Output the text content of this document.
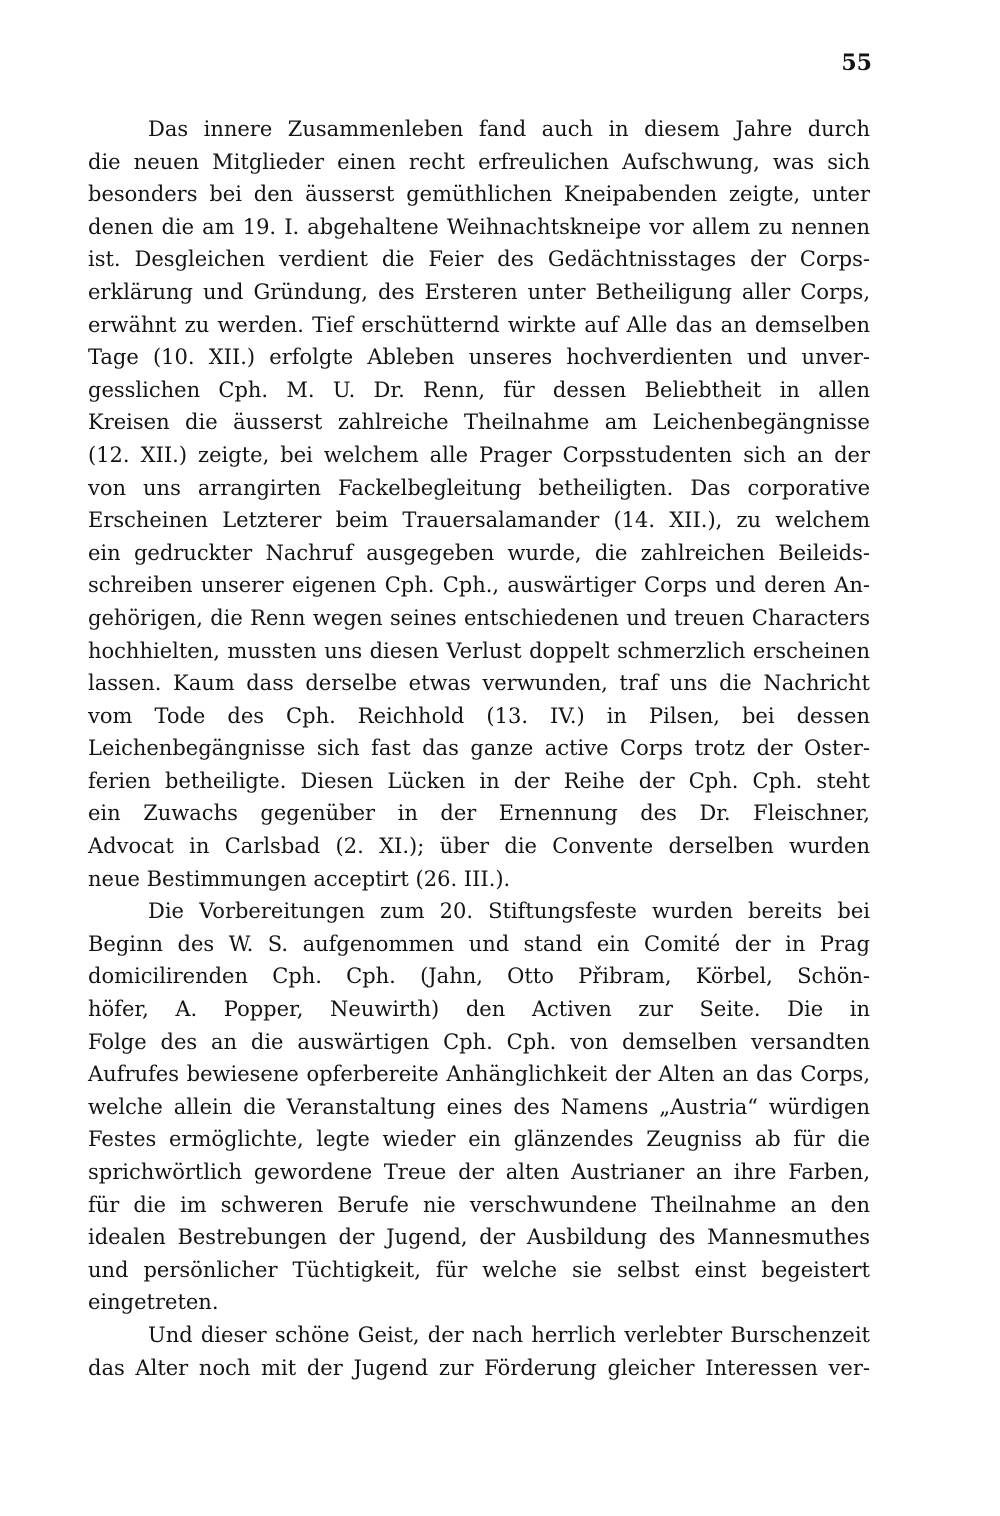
55
Das innere Zusammenleben fand auch in diesem Jahre durch
die neuen Mitglieder einen recht erfreulichen Aufschwung, was sich
besonders bei den äusserst gemüthlichen Kneipabenden zeigte, unter
denen die am 19. I. abgehaltene Weihnachtskneipe vor allem zu nennen
ist. Desgleichen verdient die Feier des Gedächtnisstages der Corps-
erklärung und Gründung, des Ersteren unter Betheiligung aller Corps,
erwähnt zu werden. Tief erschütternd wirkte auf Alle das an demselben
Tage (10. XII.) erfolgte Ableben unseres hochverdienten und unver-
gesslichen Cph. M. U. Dr. Renn, für dessen Beliebtheit in allen
Kreisen die äusserst zahlreiche Theilnahme am Leichenbegängnisse
(12. XII.) zeigte, bei welchem alle Prager Corpsstudenten sich an der
von uns arrangirten Fackelbegleitung betheiligten. Das corporative
Erscheinen Letzterer beim Trauersalamander (14. XII.), zu welchem
ein gedruckter Nachruf ausgegeben wurde, die zahlreichen Beileids-
schreiben unserer eigenen Cph. Cph., auswärtiger Corps und deren An-
gehörigen, die Renn wegen seines entschiedenen und treuen Characters
hochhielten, mussten uns diesen Verlust doppelt schmerzlich erscheinen
lassen. Kaum dass derselbe etwas verwunden, traf uns die Nachricht
vom Tode des Cph. Reichhold (13. IV.) in Pilsen, bei dessen
Leichenbegängnisse sich fast das ganze active Corps trotz der Oster-
ferien betheiligte. Diesen Lücken in der Reihe der Cph. Cph. steht
ein Zuwachs gegenüber in der Ernennung des Dr. Fleischner,
Advocat in Carlsbad (2. XI.); über die Convente derselben wurden
neue Bestimmungen acceptirt (26. III.).
Die Vorbereitungen zum 20. Stiftungsfeste wurden bereits bei
Beginn des W. S. aufgenommen und stand ein Comité der in Prag
domicilirenden Cph. Cph. (Jahn, Otto Přibram, Körbel, Schön-
höfer, A. Popper, Neuwirth) den Activen zur Seite. Die in
Folge des an die auswärtigen Cph. Cph. von demselben versandten
Aufrufes bewiesene opferbereite Anhänglichkeit der Alten an das Corps,
welche allein die Veranstaltung eines des Namens „Austria“ würdigen
Festes ermöglichte, legte wieder ein glänzendes Zeugniss ab für die
sprichwörtlich gewordene Treue der alten Austrianer an ihre Farben,
für die im schweren Berufe nie verschwundene Theilnahme an den
idealen Bestrebungen der Jugend, der Ausbildung des Mannesmuthes
und persönlicher Tüchtigkeit, für welche sie selbst einst begeistert
eingetreten.
Und dieser schöne Geist, der nach herrlich verlebter Burschenzeit
das Alter noch mit der Jugend zur Förderung gleicher Interessen ver-
